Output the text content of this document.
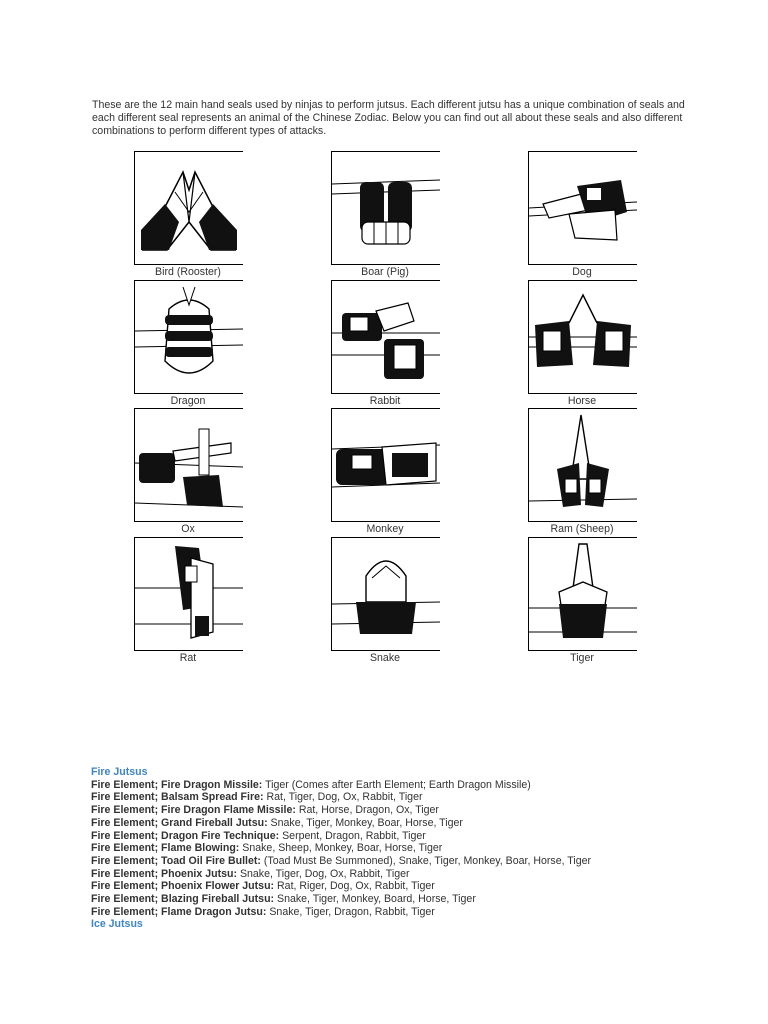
These are the 12 main hand seals used by ninjas to perform jutsus. Each different jutsu has a unique combination of seals and each different seal represents an animal of the Chinese Zodiac. Below you can find out all about these seals and also different combinations to perform different types of attacks.
Bird (Rooster)	Boar (Pig)	Dog
Dragon	Rabbit	Horse
Ox	Monkey	Ram (Sheep)
Rat	Snake	Tiger
Fire Jutsus
Fire Element; Fire Dragon Missile: Tiger (Comes after Earth Element; Earth Dragon Missile)
Fire Element; Balsam Spread Fire: Rat, Tiger, Dog, Ox, Rabbit, Tiger
Fire Element; Fire Dragon Flame Missile: Rat, Horse, Dragon, Ox, Tiger
Fire Element; Grand Fireball Jutsu: Snake, Tiger, Monkey, Boar, Horse, Tiger
Fire Element; Dragon Fire Technique: Serpent, Dragon, Rabbit, Tiger
Fire Element; Flame Blowing: Snake, Sheep, Monkey, Boar, Horse, Tiger
Fire Element; Toad Oil Fire Bullet: (Toad Must Be Summoned), Snake, Tiger, Monkey, Boar, Horse, Tiger
Fire Element; Phoenix Jutsu: Snake, Tiger, Dog, Ox, Rabbit, Tiger
Fire Element; Phoenix Flower Jutsu: Rat, Riger, Dog, Ox, Rabbit, Tiger
Fire Element; Blazing Fireball Jutsu: Snake, Tiger, Monkey, Board, Horse, Tiger
Fire Element; Flame Dragon Jutsu: Snake, Tiger, Dragon, Rabbit, Tiger
Ice Jutsus
